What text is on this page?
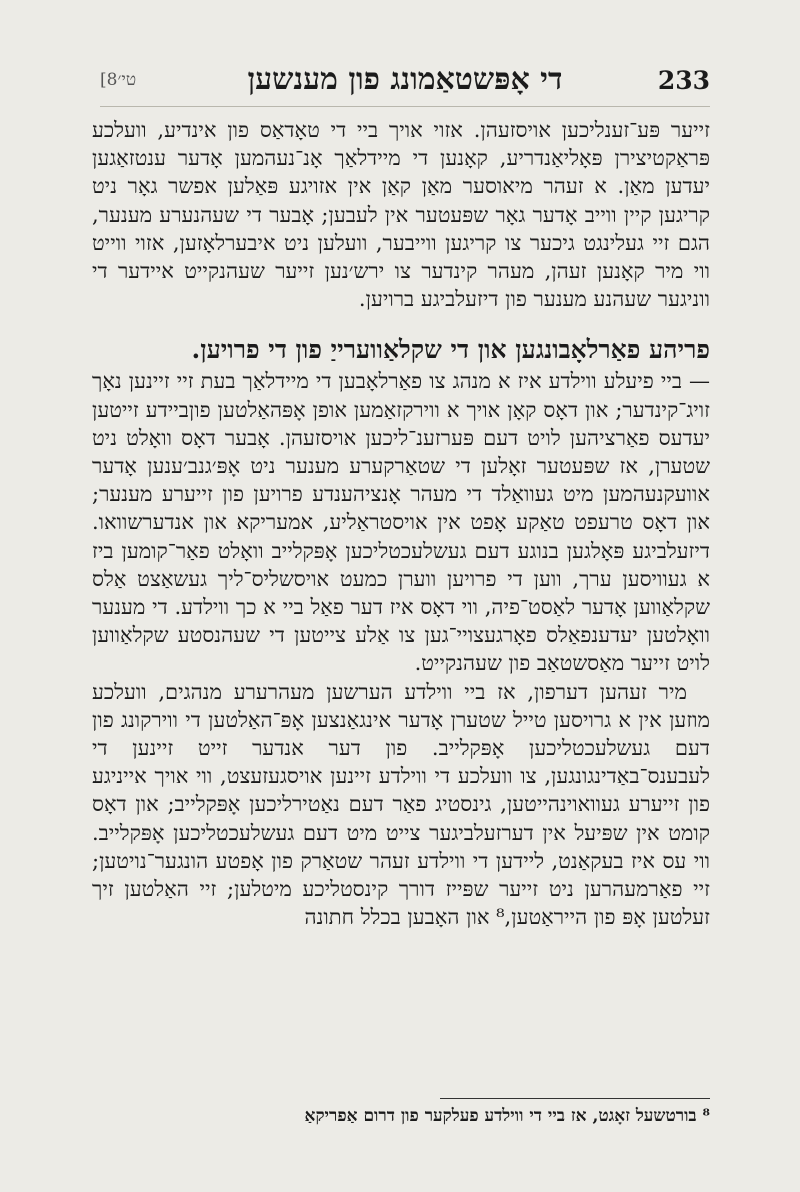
[טי׳8	די אָפּשטאַמונג פון מענשען	233

זייער פּע־זענליכען אויסזעהן. אזוי אויך ביי די טאָדאַס פון אינדיע, וועלכע פּראַקטיצירן פּאָליאַנדריע, קאָנען די מיידלאַך אָנ־נעהמען אָדער ענטזאַגען יעדען מאַן. א זעהר מיאוסער מאַן קאַן אין אזויגע פּאַלען אפשר גאָר ניט קריגען קיין ווייב אָדער גאָר שפּעטער אין לעבען; אָבער די שעהנערע מענער, הגם זיי געלינגט גיכער צו קריגען ווייבער, וועלען ניט איבערלאָזען, אזוי ווייט ווי מיר קאָנען זעהן, מעהר קינדער צו ירש׳נען זייער שעהנקייט איידער די ווניגער שעהנע מענער פון דיזעלביגע ברויען.

פריהע פאַרלאָבונגען און די שקלאַווערייַ פון די פרויען.

— ביי פיעלע ווילדע איז א מנהג צו פאַרלאָבען די מיידלאַך בעת זיי זיינען נאָך זויג־קינדער; און דאָס קאָן אויך א ווירקזאַמען אופן אָפּהאַלטען פוןביידע זייטען יעדעס פאַרציהען לויט דעם פּערזענ־ליכען אויסזעהן. אָבער דאָס וואָלט ניט שטערן, אז שפּעטער זאָלען די שטאַרקערע מענער ניט אָפּ׳גנב׳ענען אָדער אוועקנעהמען מיט געוואַלד די מעהר אָנציהענדע פרויען פון זייערע מענער; און דאָס טרעפט טאַקע אָפט אין אויסטראַליע, אמעריקא און אנדערשוואו. דיזעלביגע פּאָלגען בנוגע דעם געשלעכטליכען אָפּקלייב וואָלט פאַר־קומען ביז א געוויסען ערך, ווען די פרויען ווערן כמעט אויסשליס־ליך געשאַצט אַלס שקלאַווען אָדער לאַסט־פיה, ווי דאָס איז דער פאַל ביי א כך ווילדע. די מענער וואָלטען יעדענפאַלס פאָרגעצויי־גען צו אַלע צייטען די שעהנסטע שקלאַווען לויט זייער מאַסשטאַב פון שעהנקייט.

מיר זעהען דערפון, אז ביי ווילדע הערשען מעהרערע מנהגים, וועלכע מוזען אין א גרויסען טייל שטערן אָדער אינגאַנצען אָפּ־האַלטען די ווירקונג פון דעם געשלעכטליכען אָפּקלייב. פון דער אנדער זייט זיינען די לעבענס־באַדינגונגען, צו וועלכע די ווילדע זיינען אויסגעזעצט, ווי אויך אייניגע פון זייערע געוואוינהייטען, גינסטיג פאַר דעם נאַטירליכען אָפּקלייב; און דאָס קומט אין שפּיעל אין דערזעלביגער צייט מיט דעם געשלעכטליכען אָפּקלייב. ווי עס איז בעקאַנט, ליידען די ווילדע זעהר שטאַרק פון אָפטע הונגער־נויטען; זיי פאַרמעהרען ניט זייער שפּייז דורך קינסטליכע מיטלען; זיי האַלטען זיך זעלטען אָפּ פון הייראַטען,⁸ און האָבען בכלל חתונה

⁸ בורטשעל זאָגט, אז ביי די ווילדע פעלקער פון דרום אַפריקאַ
